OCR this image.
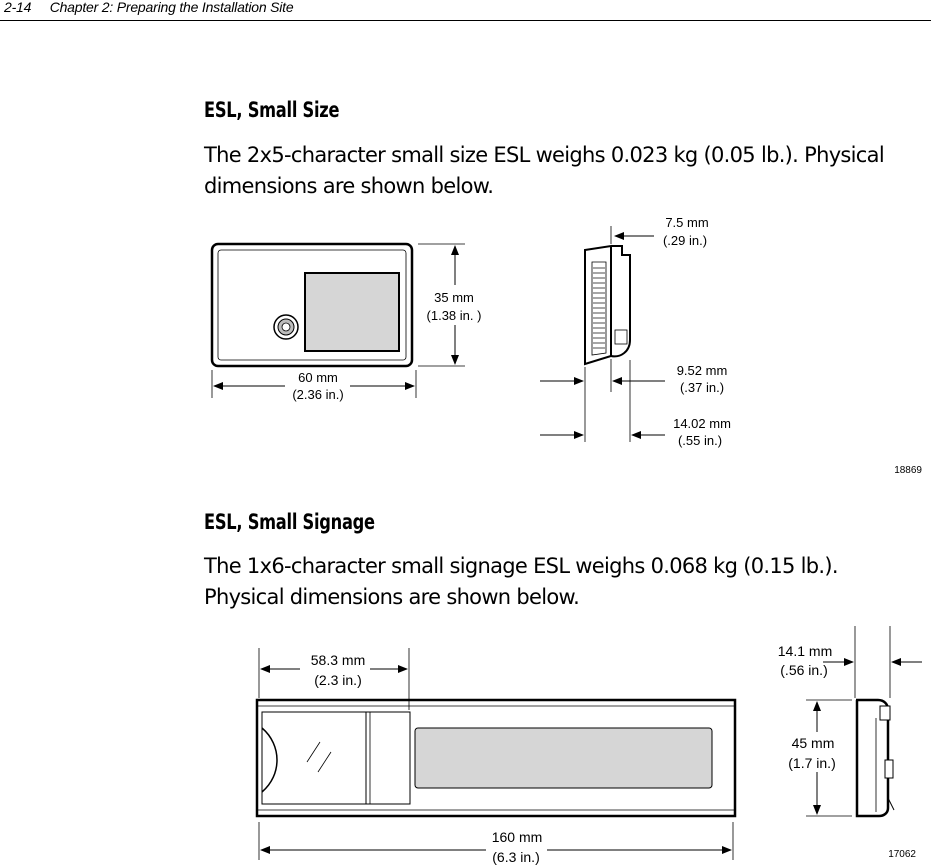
2-14 Chapter 2: Preparing the Installation Site
ESL, Small Size
The 2x5-character small size ESL weighs 0.023 kg (0.05 lb.). Physical
dimensions are shown below.
35 mm
(1.38 in. )
60 mm
(2.36 in.)
7.5 mm
(.29 in.)
9.52 mm
(.37 in.)
14.02 mm
(.55 in.)
18869
ESL, Small Signage
The 1x6-character small signage ESL weighs 0.068 kg (0.15 lb.).
Physical dimensions are shown below.
58.3 mm
(2.3 in.)
14.1 mm
(.56 in.)
45 mm
(1.7 in.)
160 mm
(6.3 in.)	17062
